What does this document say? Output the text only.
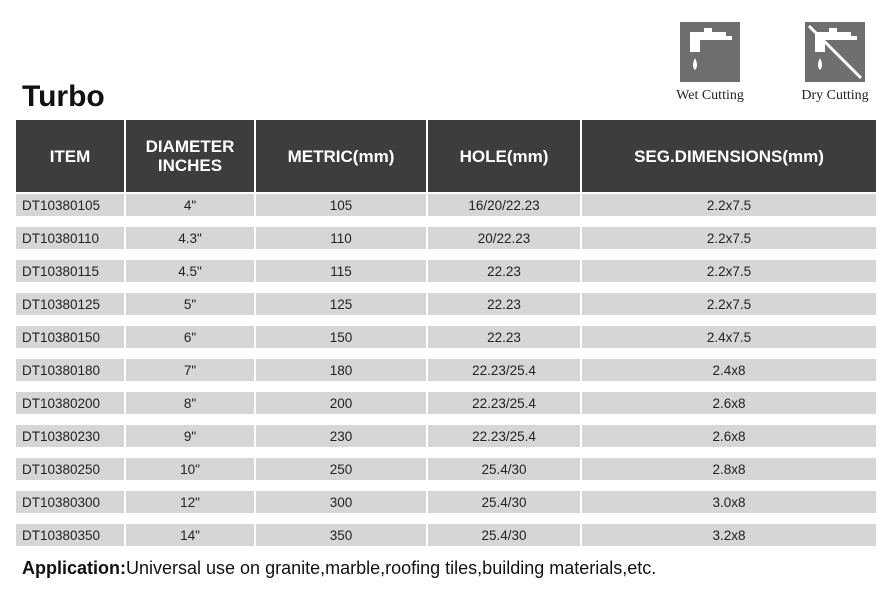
Turbo	Wet Cutting	Dry Cutting
ITEM	DIAMETER INCHES	METRIC(mm)	HOLE(mm)	SEG.DIMENSIONS(mm)
DT10380105	4"	105	16/20/22.23	2.2x7.5
DT10380110	4.3"	110	20/22.23	2.2x7.5
DT10380115	4.5"	115	22.23	2.2x7.5
DT10380125	5"	125	22.23	2.2x7.5
DT10380150	6"	150	22.23	2.4x7.5
DT10380180	7"	180	22.23/25.4	2.4x8
DT10380200	8"	200	22.23/25.4	2.6x8
DT10380230	9"	230	22.23/25.4	2.6x8
DT10380250	10"	250	25.4/30	2.8x8
DT10380300	12"	300	25.4/30	3.0x8
DT10380350	14"	350	25.4/30	3.2x8
Application:Universal use on granite,marble,roofing tiles,building materials,etc.
